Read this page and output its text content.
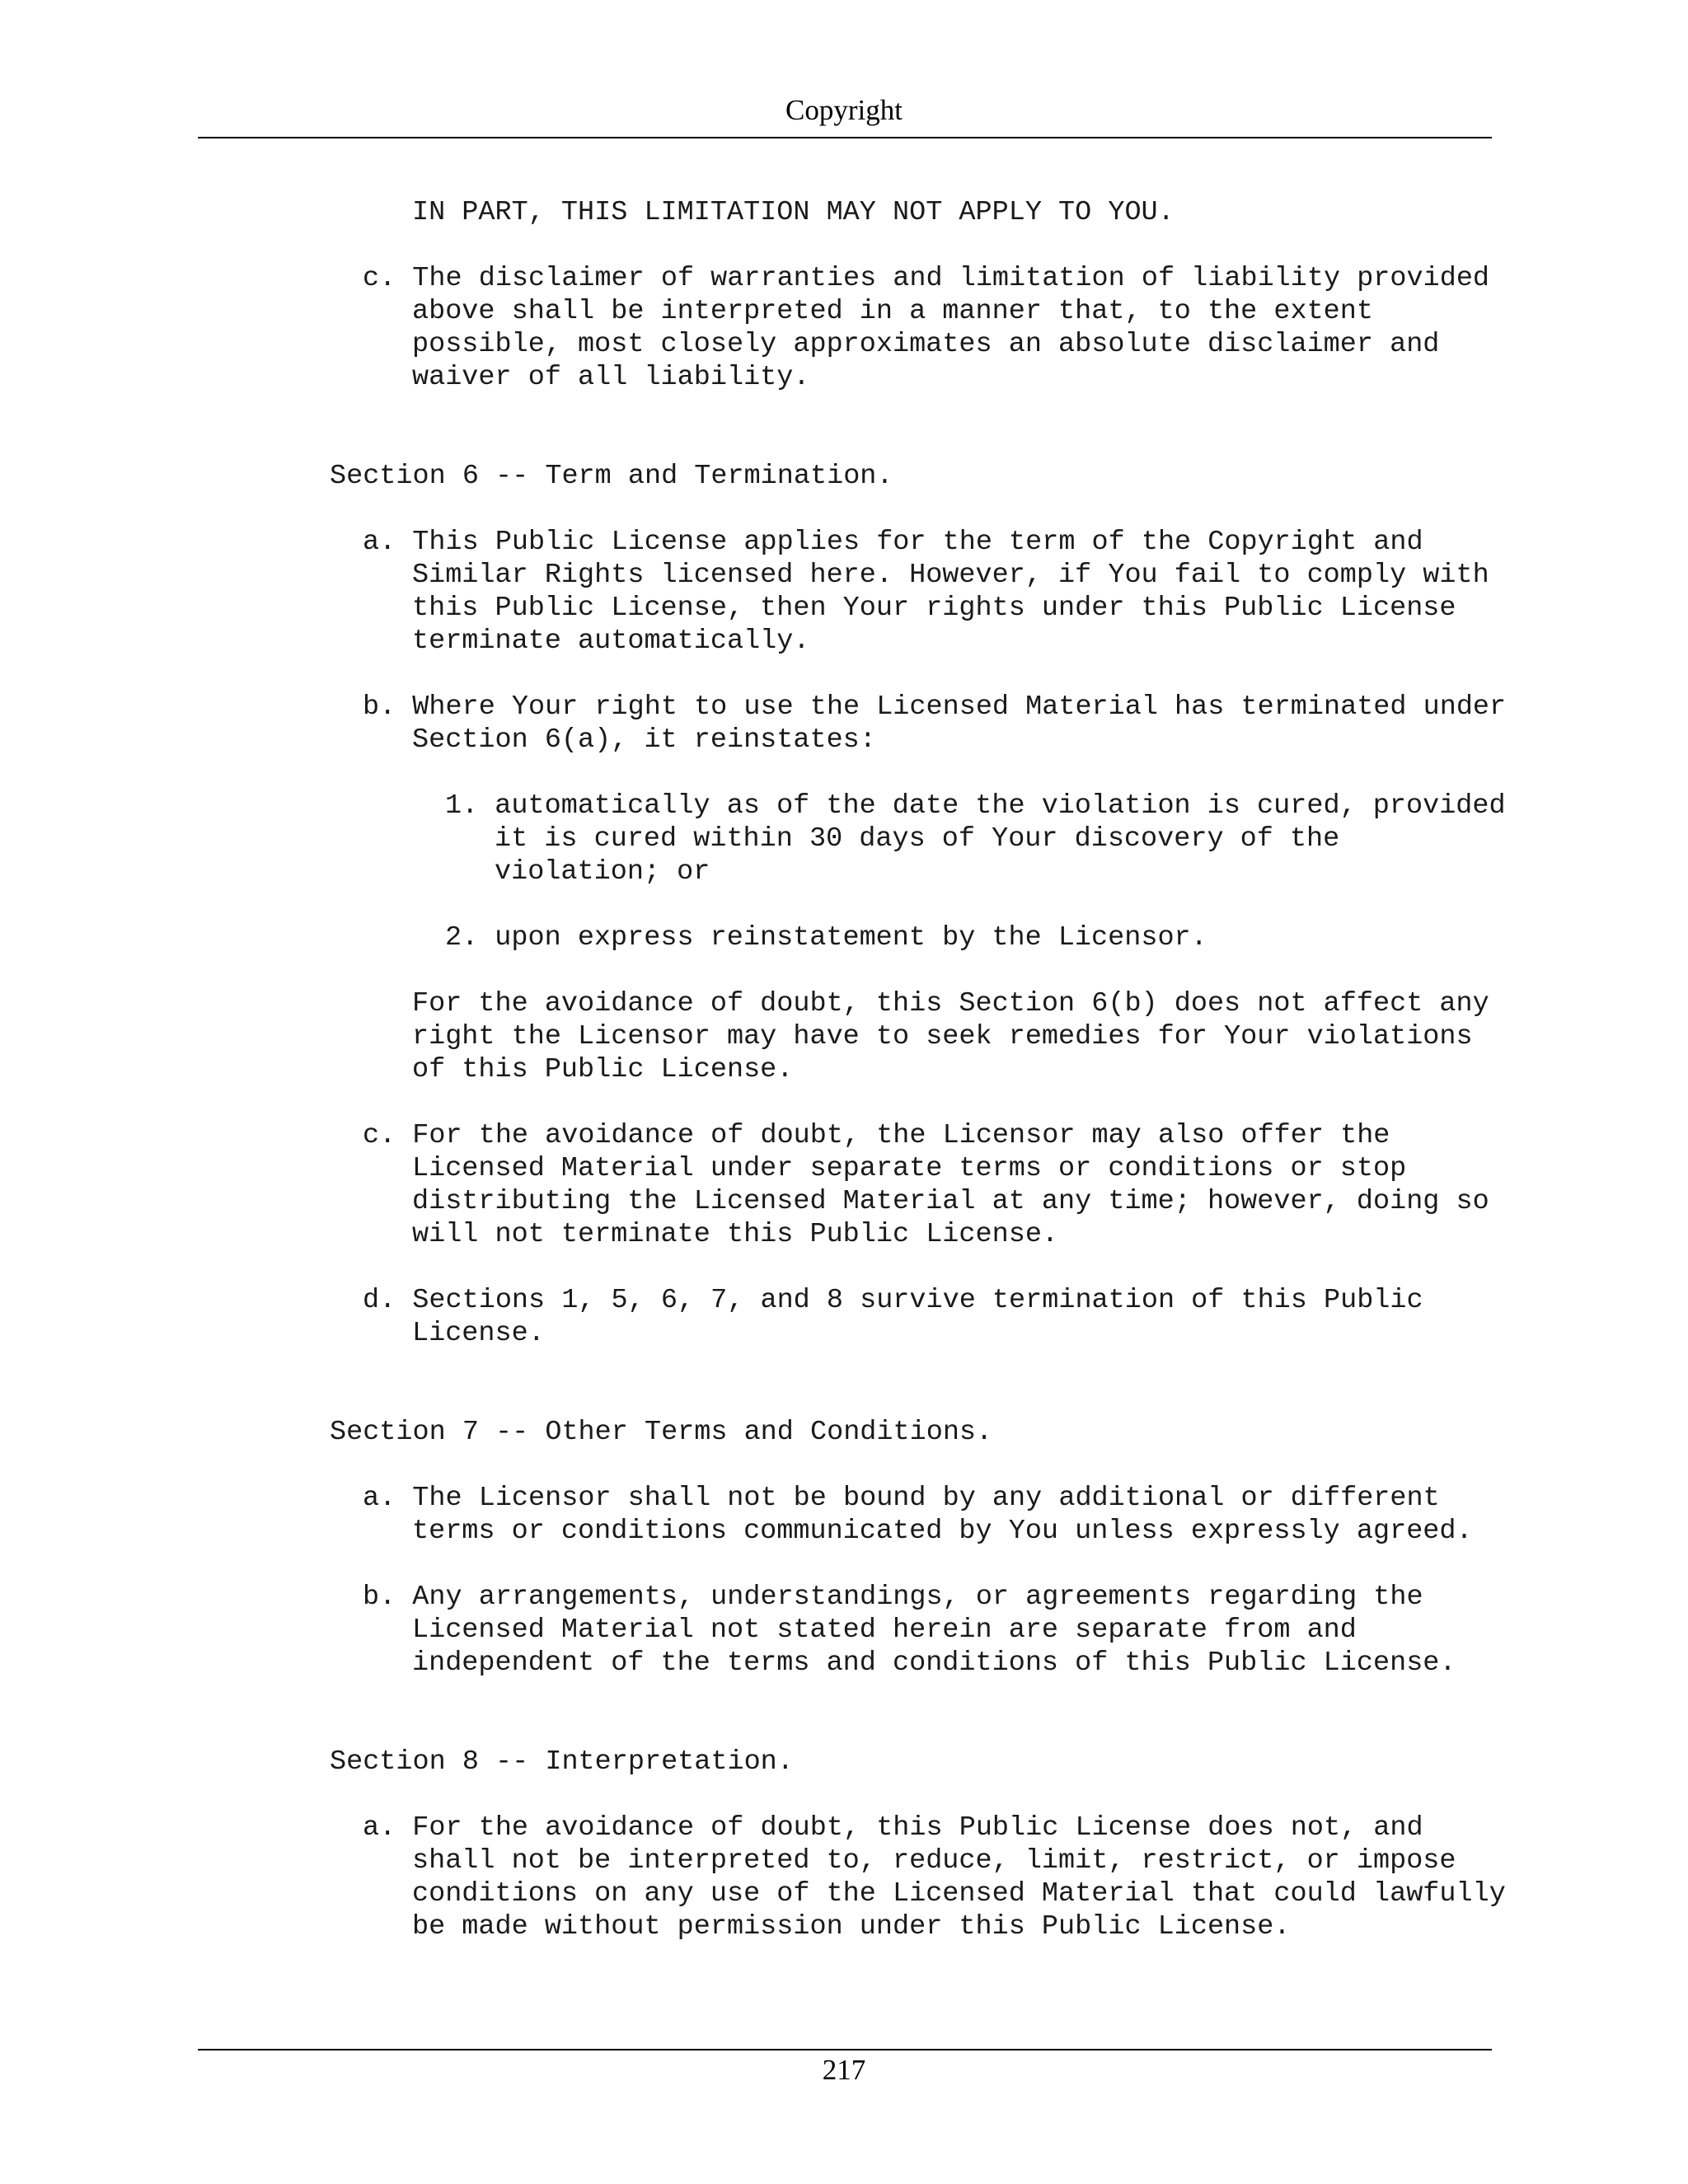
Copyright
IN PART, THIS LIMITATION MAY NOT APPLY TO YOU.
c. The disclaimer of warranties and limitation of liability provided
above shall be interpreted in a manner that, to the extent
possible, most closely approximates an absolute disclaimer and
waiver of all liability.
Section 6 -- Term and Termination.
a. This Public License applies for the term of the Copyright and
Similar Rights licensed here. However, if You fail to comply with
this Public License, then Your rights under this Public License
terminate automatically.
b. Where Your right to use the Licensed Material has terminated under
Section 6(a), it reinstates:
1. automatically as of the date the violation is cured, provided
it is cured within 30 days of Your discovery of the
violation; or
2. upon express reinstatement by the Licensor.
For the avoidance of doubt, this Section 6(b) does not affect any
right the Licensor may have to seek remedies for Your violations
of this Public License.
c. For the avoidance of doubt, the Licensor may also offer the
Licensed Material under separate terms or conditions or stop
distributing the Licensed Material at any time; however, doing so
will not terminate this Public License.
d. Sections 1, 5, 6, 7, and 8 survive termination of this Public
License.
Section 7 -- Other Terms and Conditions.
a. The Licensor shall not be bound by any additional or different
terms or conditions communicated by You unless expressly agreed.
b. Any arrangements, understandings, or agreements regarding the
Licensed Material not stated herein are separate from and
independent of the terms and conditions of this Public License.
Section 8 -- Interpretation.
a. For the avoidance of doubt, this Public License does not, and
shall not be interpreted to, reduce, limit, restrict, or impose
conditions on any use of the Licensed Material that could lawfully
be made without permission under this Public License.
217
